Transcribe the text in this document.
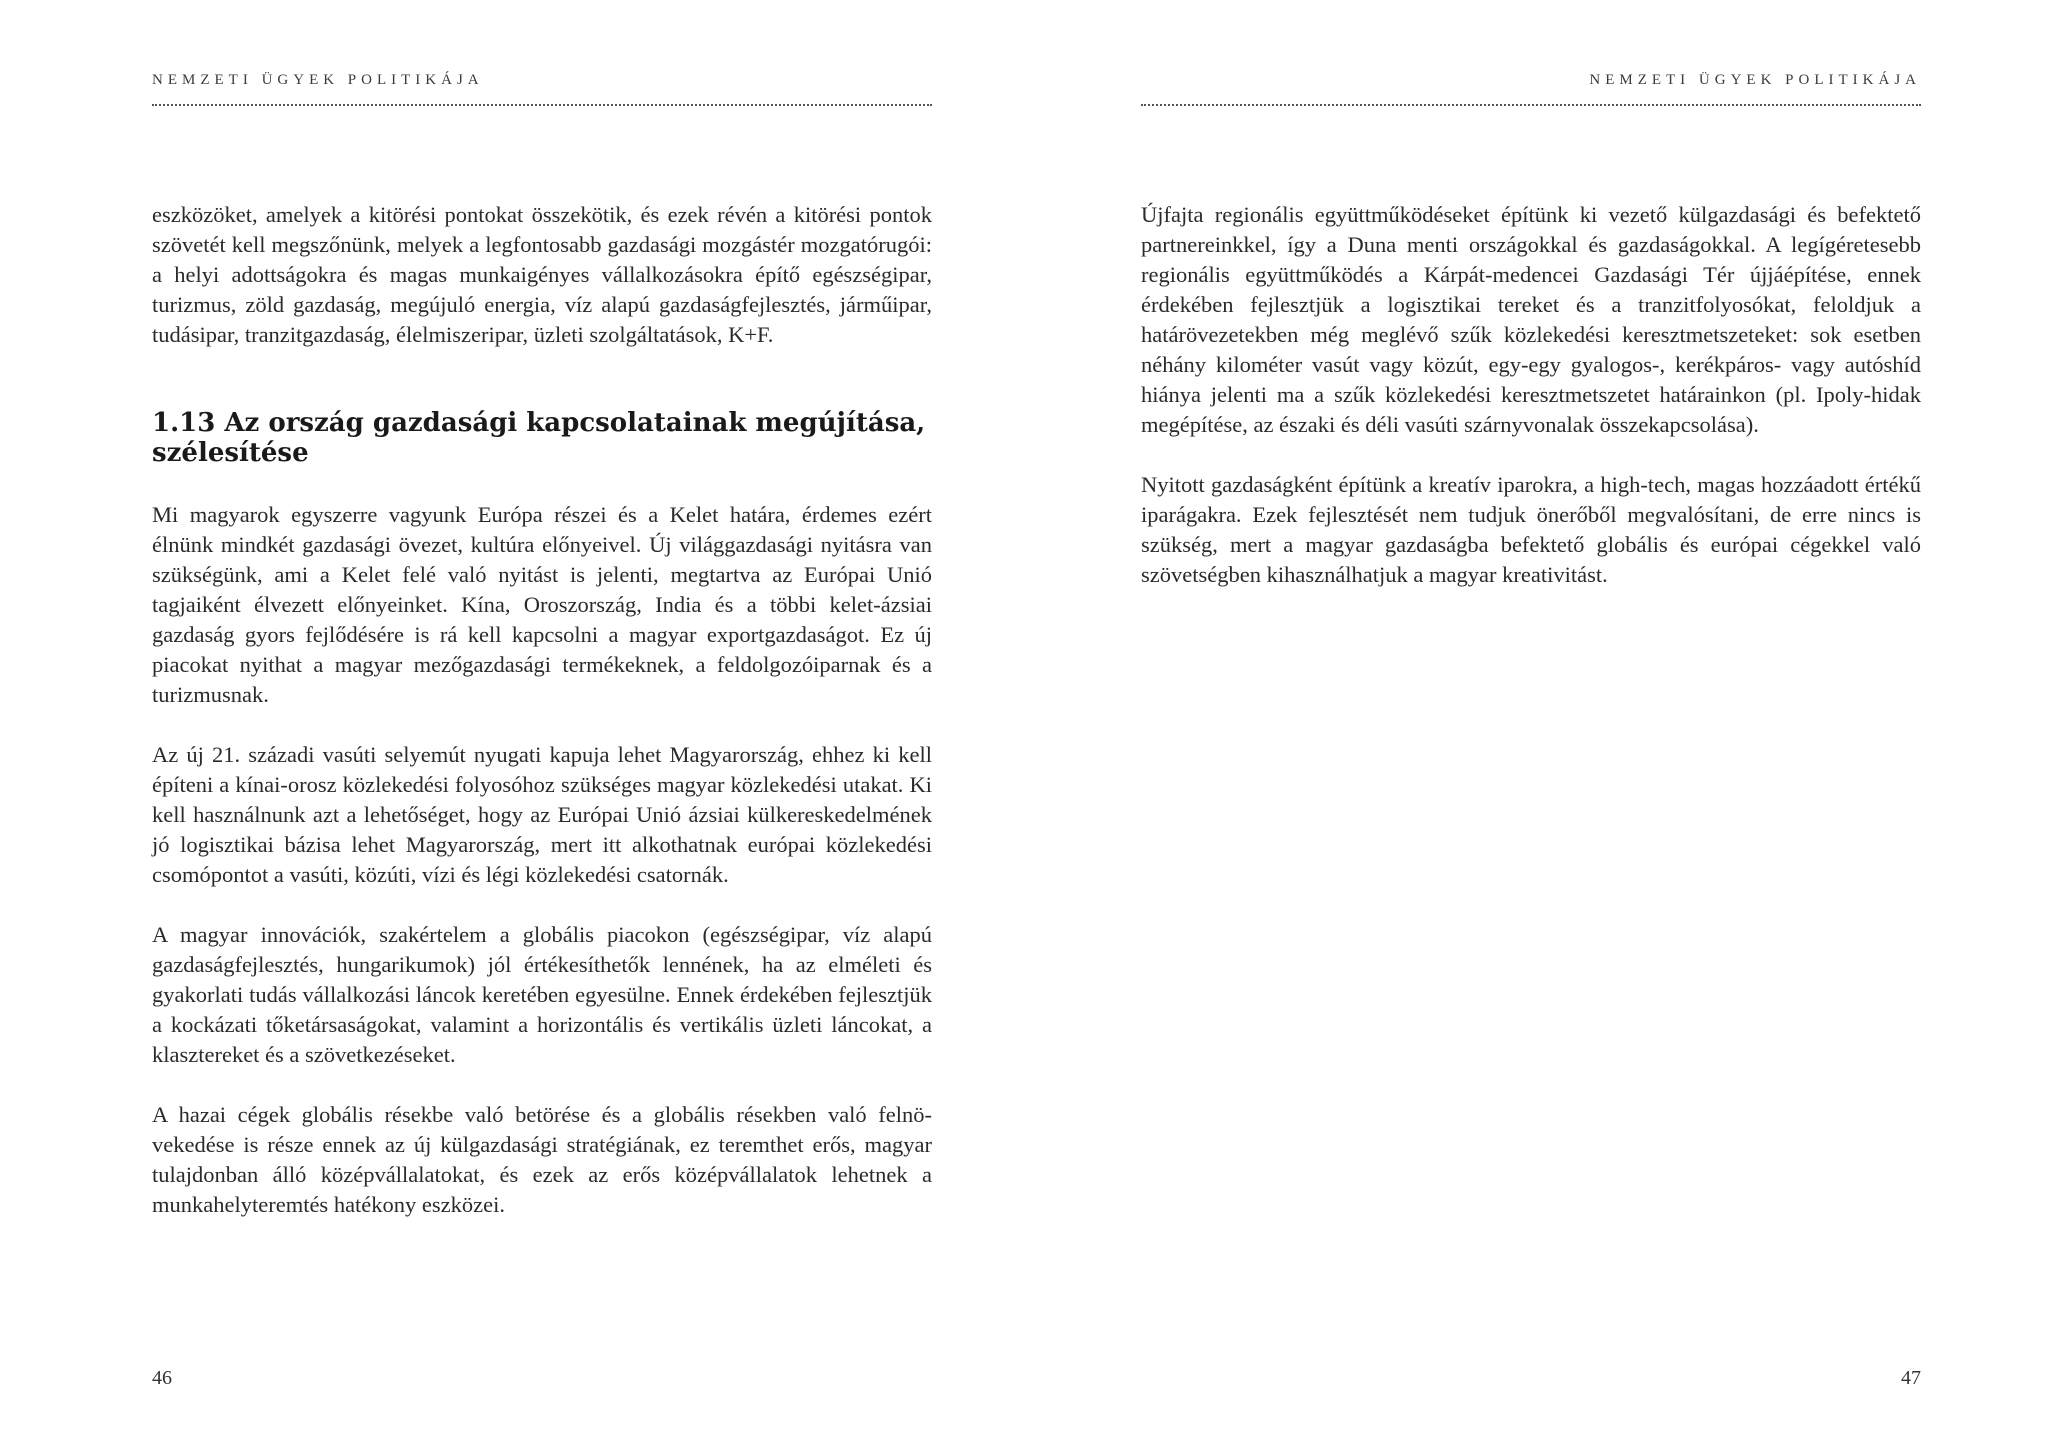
NEMZETI ÜGYEK POLITIKÁJA

eszközöket, amelyek a kitörési pontokat összekötik, és ezek révén a kitörési pontok szövetét kell megszőnünk, melyek a legfontosabb gazdasági mozgástér mozgatórugói: a helyi adottságokra és magas munkaigényes vállalkozásokra építő egészségipar, turizmus, zöld gazdaság, megújuló energia, víz alapú gazdaságfejlesztés, járműipar, tudásipar, tranzitgazdaság, élelmiszeripar, üzleti szolgáltatások, K+F.

1.13 Az ország gazdasági kapcsolatainak megújítása, szélesítése

Mi magyarok egyszerre vagyunk Európa részei és a Kelet határa, érdemes ezért élnünk mindkét gazdasági övezet, kultúra előnyeivel. Új világgazdasági nyitásra van szükségünk, ami a Kelet felé való nyitást is jelenti, megtartva az Európai Unió tagjaiként élvezett előnyeinket. Kína, Oroszország, India és a többi kelet-ázsiai gazdaság gyors fejlődésére is rá kell kapcsolni a magyar exportgazdaságot. Ez új piacokat nyithat a magyar mezőgazdasági termékeknek, a feldolgozóiparnak és a turizmusnak.

Az új 21. századi vasúti selyemút nyugati kapuja lehet Magyarország, ehhez ki kell építeni a kínai-orosz közlekedési folyosóhoz szükséges magyar közlekedési utakat. Ki kell használnunk azt a lehetőséget, hogy az Európai Unió ázsiai külkereskedelmének jó logisztikai bázisa lehet Magyarország, mert itt alkothatnak európai közlekedési csomópontot a vasúti, közúti, vízi és légi közlekedési csatornák.

A magyar innovációk, szakértelem a globális piacokon (egészségipar, víz alapú gazdaságfejlesztés, hungarikumok) jól értékesíthetők lennének, ha az elméleti és gyakorlati tudás vállalkozási láncok keretében egyesülne. Ennek érdekében fejlesztjük a kockázati tőketársaságokat, valamint a horizontális és vertikális üzleti láncokat, a klasztereket és a szövetkezéseket.

A hazai cégek globális résekbe való betörése és a globális résekben való felnövekedése is része ennek az új külgazdasági stratégiának, ez teremthet erős, magyar tulajdonban álló középvállalatokat, és ezek az erős középvállalatok lehetnek a munkahelyteremtés hatékony eszközei.

46
NEMZETI ÜGYEK POLITIKÁJA

Újfajta regionális együttműködéseket építünk ki vezető külgazdasági és befektető partnereinkkel, így a Duna menti országokkal és gazdaságokkal. A legígéretesebb regionális együttműködés a Kárpát-medencei Gazdasági Tér újjáépítése, ennek érdekében fejlesztjük a logisztikai tereket és a tranzitfolyosókat, feloldjuk a határövezetekben még meglévő szűk közlekedési keresztmetszeteket: sok esetben néhány kilométer vasút vagy közút, egy-egy gyalogos-, kerékpáros- vagy autóshíd hiánya jelenti ma a szűk közlekedési keresztmetszetet határainkon (pl. Ipoly-hidak megépítése, az északi és déli vasúti szárnyvonalak összekapcsolása).

Nyitott gazdaságként építünk a kreatív iparokra, a high-tech, magas hozzáadott értékű iparágakra. Ezek fejlesztését nem tudjuk önerőből megvalósítani, de erre nincs is szükség, mert a magyar gazdaságba befektető globális és európai cégekkel való szövetségben kihasználhatjuk a magyar kreativitást.

47
